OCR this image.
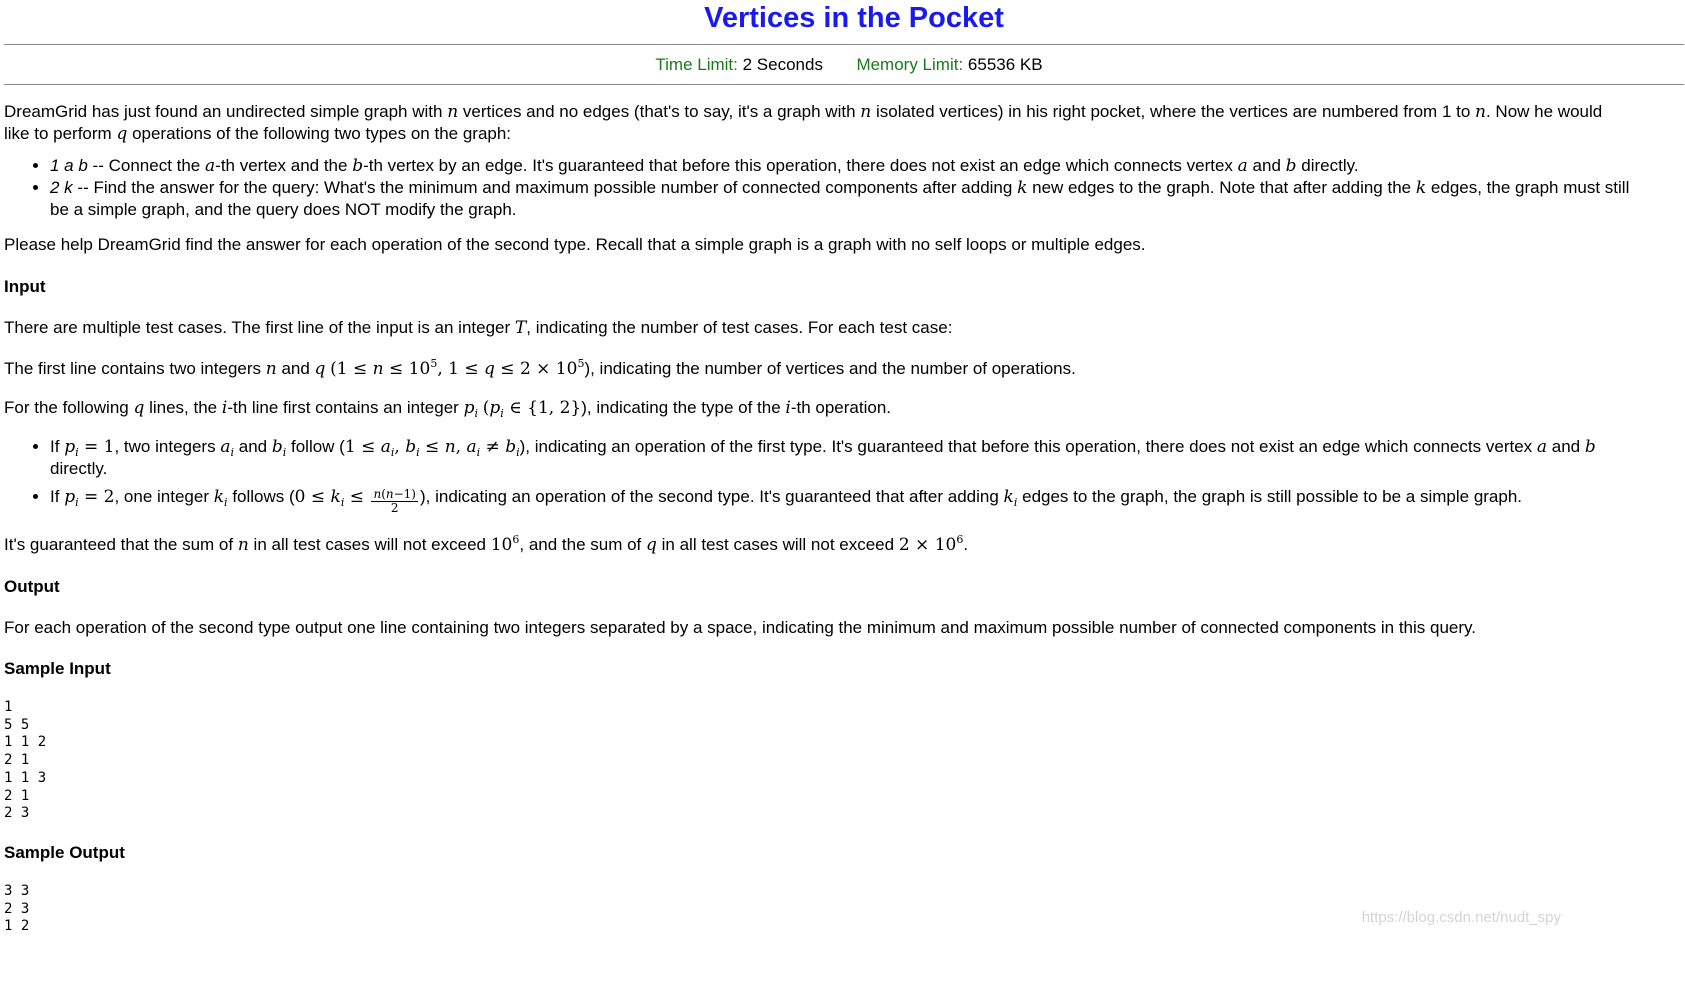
Vertices in the Pocket
Time Limit: 2 Seconds Memory Limit: 65536 KB

DreamGrid has just found an undirected simple graph with n vertices and no edges (that's to say, it's a graph with n isolated vertices) in his right pocket, where the vertices are numbered from 1 to n. Now he would
like to perform q operations of the following two types on the graph:

• 1 a b -- Connect the a-th vertex and the b-th vertex by an edge. It's guaranteed that before this operation, there does not exist an edge which connects vertex a and b directly.
• 2 k -- Find the answer for the query: What's the minimum and maximum possible number of connected components after adding k new edges to the graph. Note that after adding the k edges, the graph must still
be a simple graph, and the query does NOT modify the graph.

Please help DreamGrid find the answer for each operation of the second type. Recall that a simple graph is a graph with no self loops or multiple edges.

Input

There are multiple test cases. The first line of the input is an integer T, indicating the number of test cases. For each test case:

The first line contains two integers n and q ($1 \le n \le 10^5$, $1 \le q \le 2 \times 10^5$), indicating the number of vertices and the number of operations.

For the following q lines, the i-th line first contains an integer $p_i$ ($p_i$ ∈ {1, 2}), indicating the type of the i-th operation.

• If $p_i = 1$, two integers $a_i$ and $b_i$ follow ($1 \le a_i$, $b_i \le n$, $a_i \ne b_i$), indicating an operation of the first type. It's guaranteed that before this operation, there does not exist an edge which connects vertex a and b
directly.
• If $p_i = 2$, one integer $k_i$ follows ($0 \le k_i \le \frac{n(n-1)}{2}$ ), indicating an operation of the second type. It's guaranteed that after adding $k_i$ edges to the graph, the graph is still possible to be a simple graph.

It's guaranteed that the sum of n in all test cases will not exceed $10^6$, and the sum of q in all test cases will not exceed $2 \times 10^6$.

Output

For each operation of the second type output one line containing two integers separated by a space, indicating the minimum and maximum possible number of connected components in this query.

Sample Input
1
5 5
1 1 2
2 1
1 1 3
2 1
2 3
Sample Output
3 3
2 3
1 2
https://blog.csdn.net/nudt_spy
